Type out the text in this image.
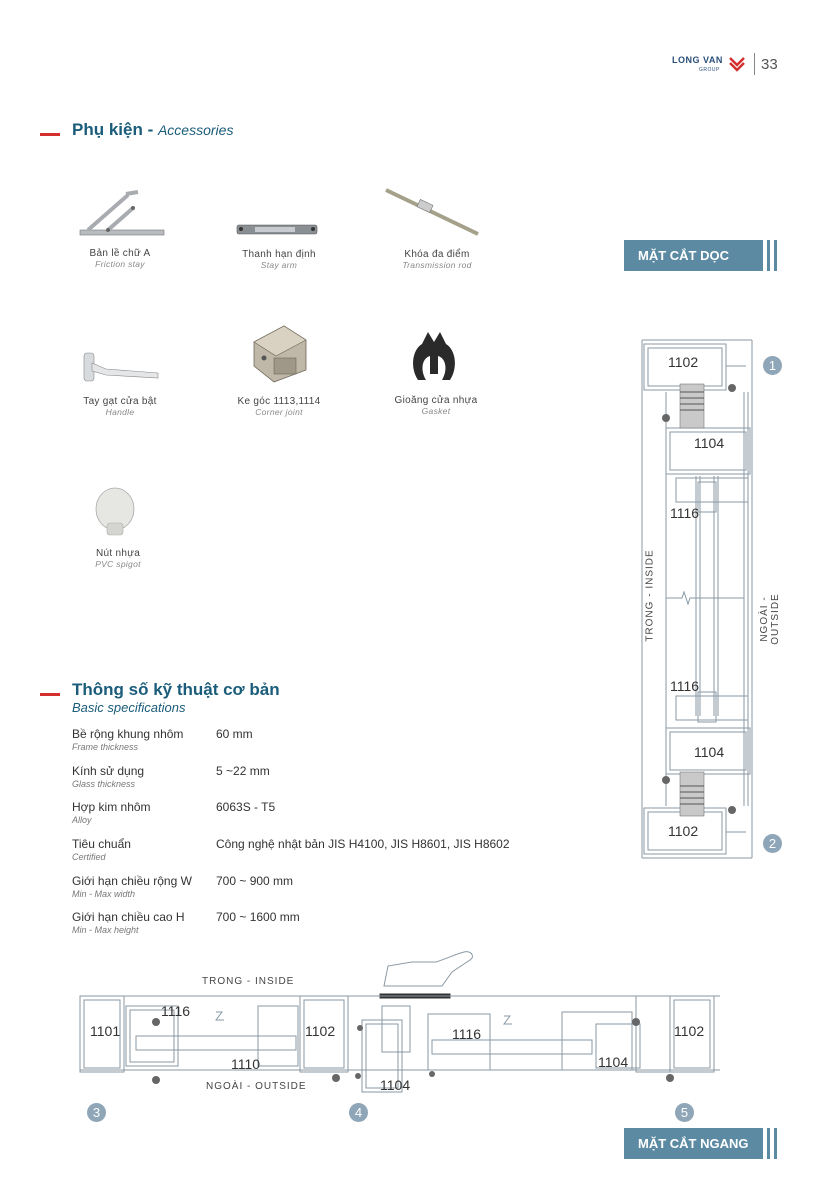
LONG VAN
GROUP	33
Phụ kiện - Accessories
Bản lề chữ A
Friction stay
Thanh hạn định
Stay arm
Khóa đa điểm
Transmission rod
Tay gạt cửa bật
Handle
Ke góc 1113,1114
Corner joint
Gioăng cửa nhựa
Gasket
Nút nhựa
PVC spigot
Thông số kỹ thuật cơ bản
Basic specifications
Bề rộng khung nhôm
Frame thickness
60 mm
Kính sử dụng
Glass thickness
5 ~22 mm
Hợp kim nhôm
Alloy
6063S - T5
Tiêu chuẩn
Certified
Công nghệ nhật bản JIS H4100, JIS H8601, JIS H8602
Giới hạn chiều rộng W
Min - Max width
700 ~ 900 mm
Giới hạn chiều cao H
Min - Max height
700 ~ 1600 mm
MẶT CẮT DỌC
1102
1104
1116
1116
1104
1102
TRONG - INSIDE	NGOÀI - OUTSIDE
1
2
TRONG - INSIDE
NGOÀI - OUTSIDE
1101
1116
1102
1110
1116
1104
1104
1102
3	4	5
MẶT CẮT NGANG
